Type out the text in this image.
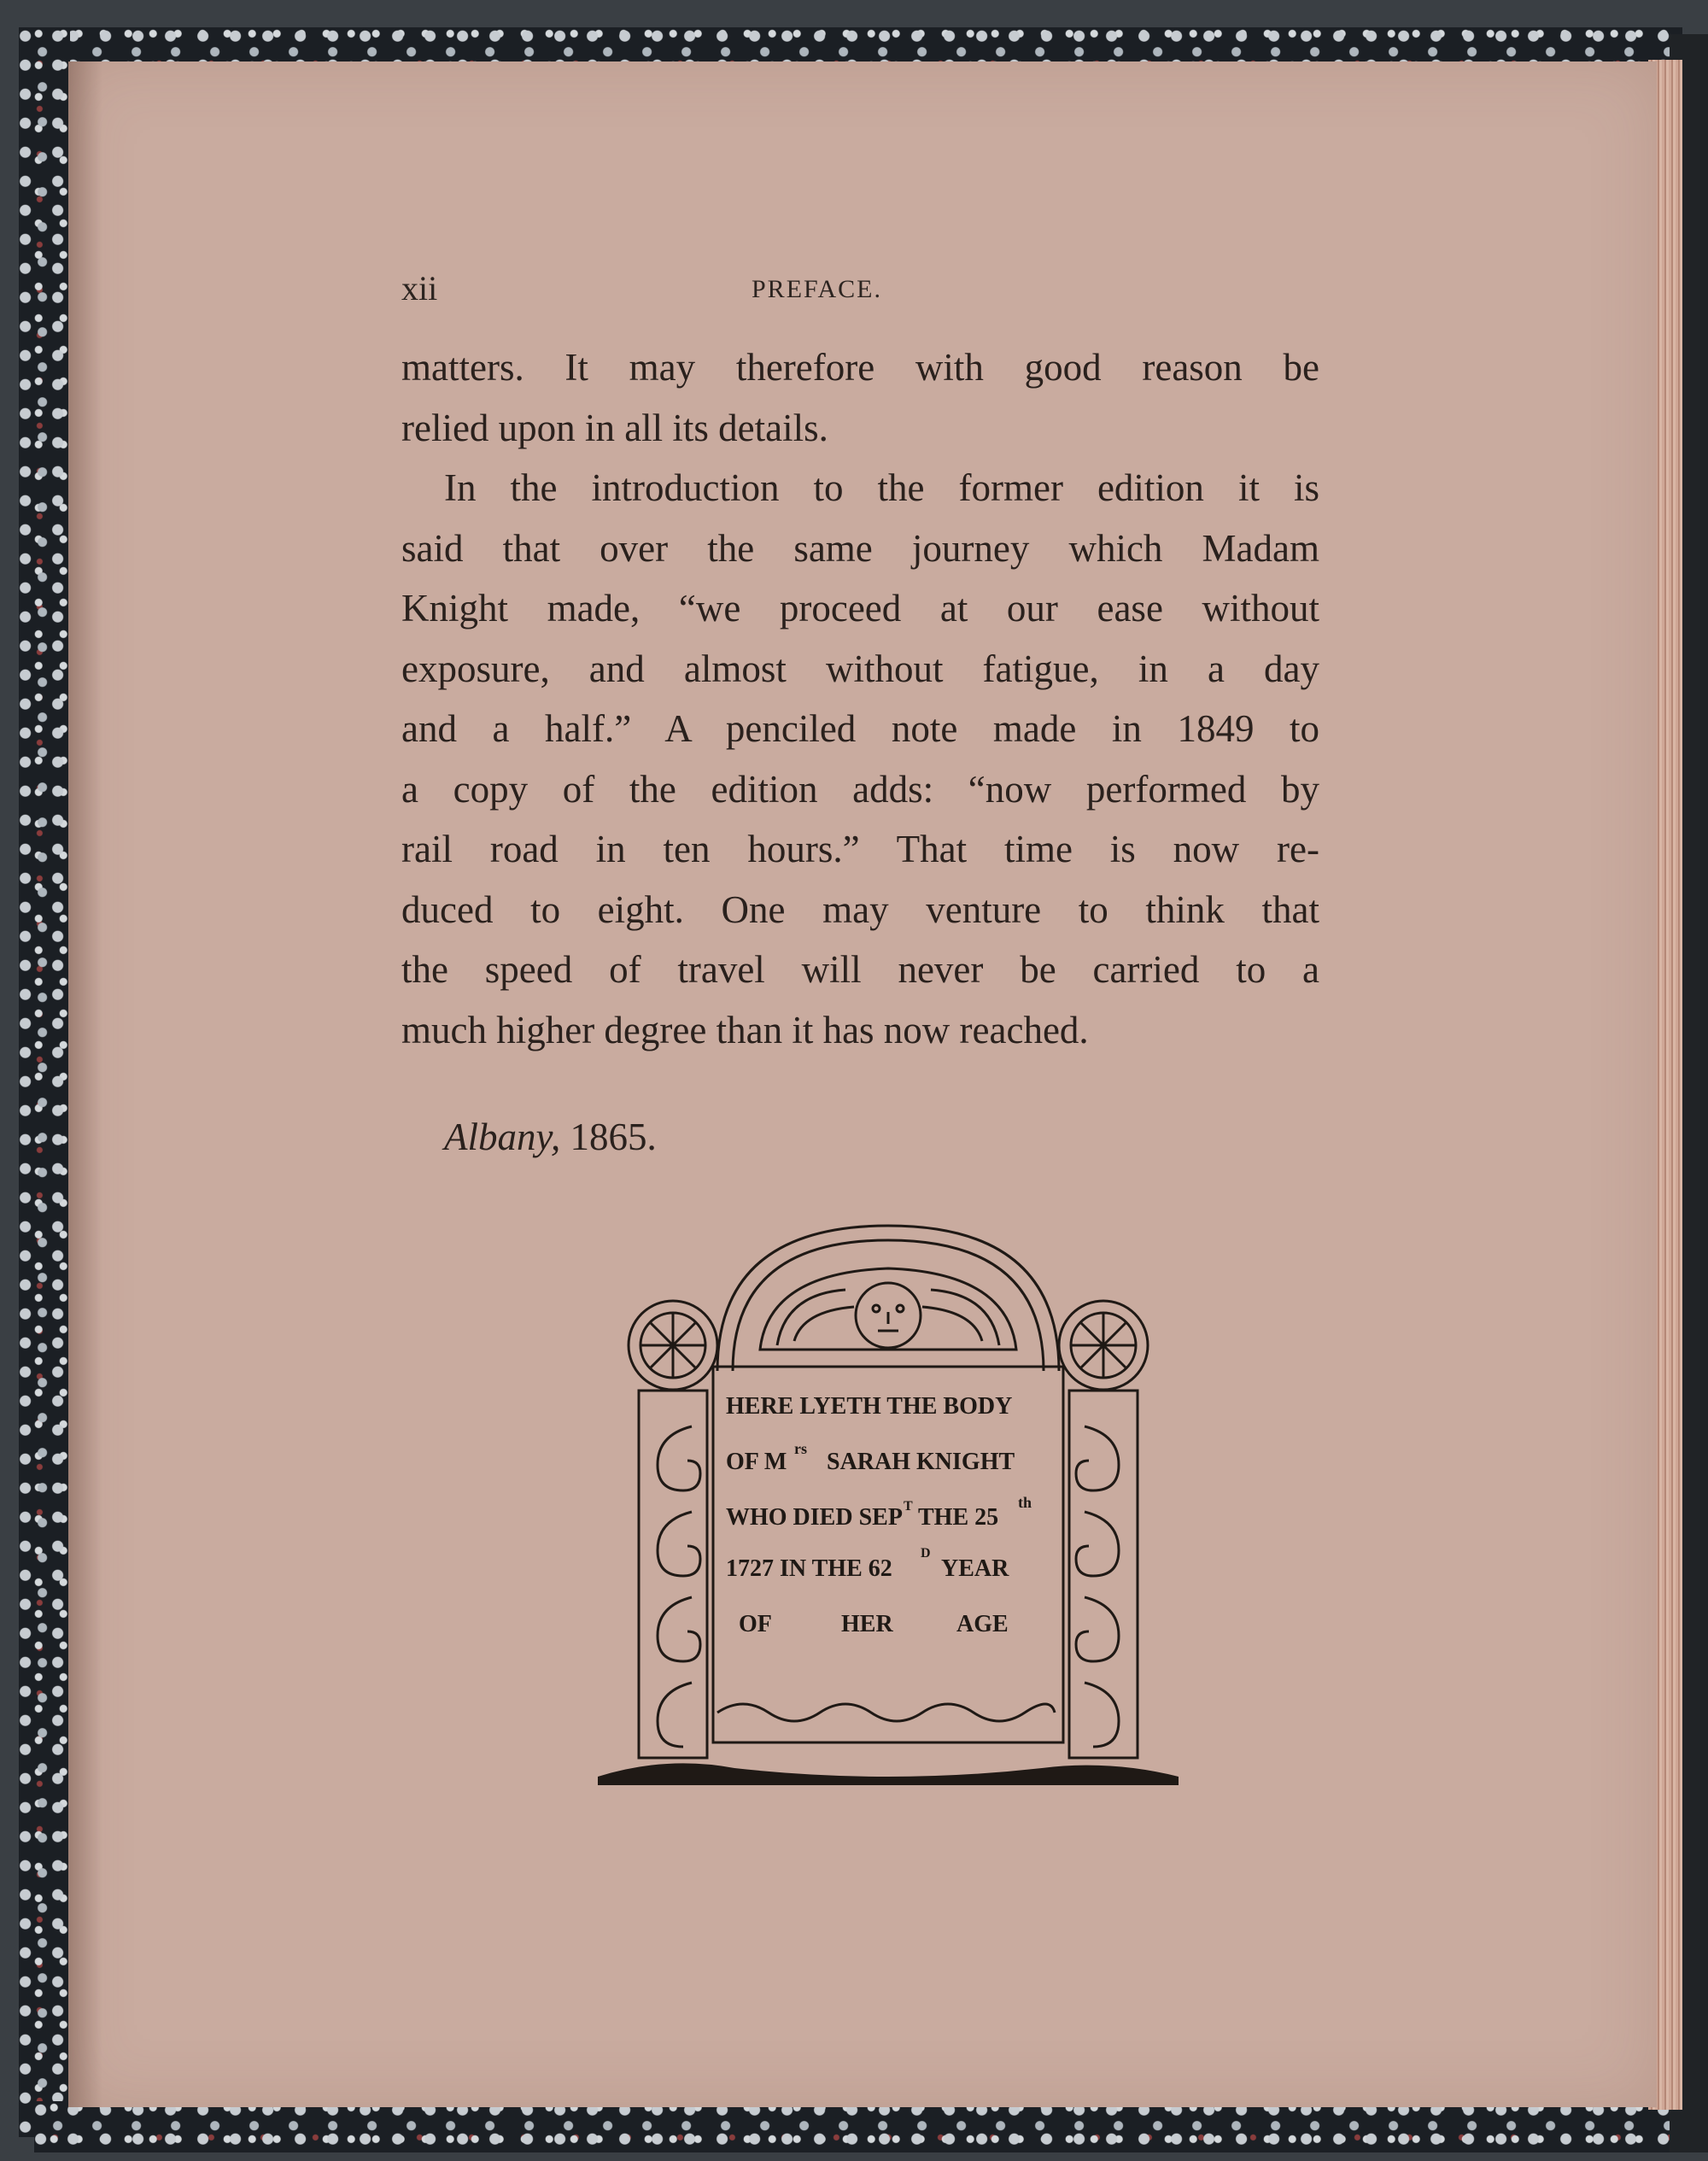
xii	PREFACE.

matters. It may therefore with good reason be
relied upon in all its details.

In the introduction to the former edition it is
said that over the same journey which Madam
Knight made, “we proceed at our ease without
exposure, and almost without fatigue, in a day
and a half.” A penciled note made in 1849 to
a copy of the edition adds: “now performed by
rail road in ten hours.” That time is now re-
duced to eight. One may venture to think that
the speed of travel will never be carried to a
much higher degree than it has now reached.

Albany, 1865.
HERE LYETH THE BODY
OF M rs SARAH KNIGHT
WHO DIED SEP T THE 25
th
1727 IN THE 62
D
YEAR
OF	HER	AGE
